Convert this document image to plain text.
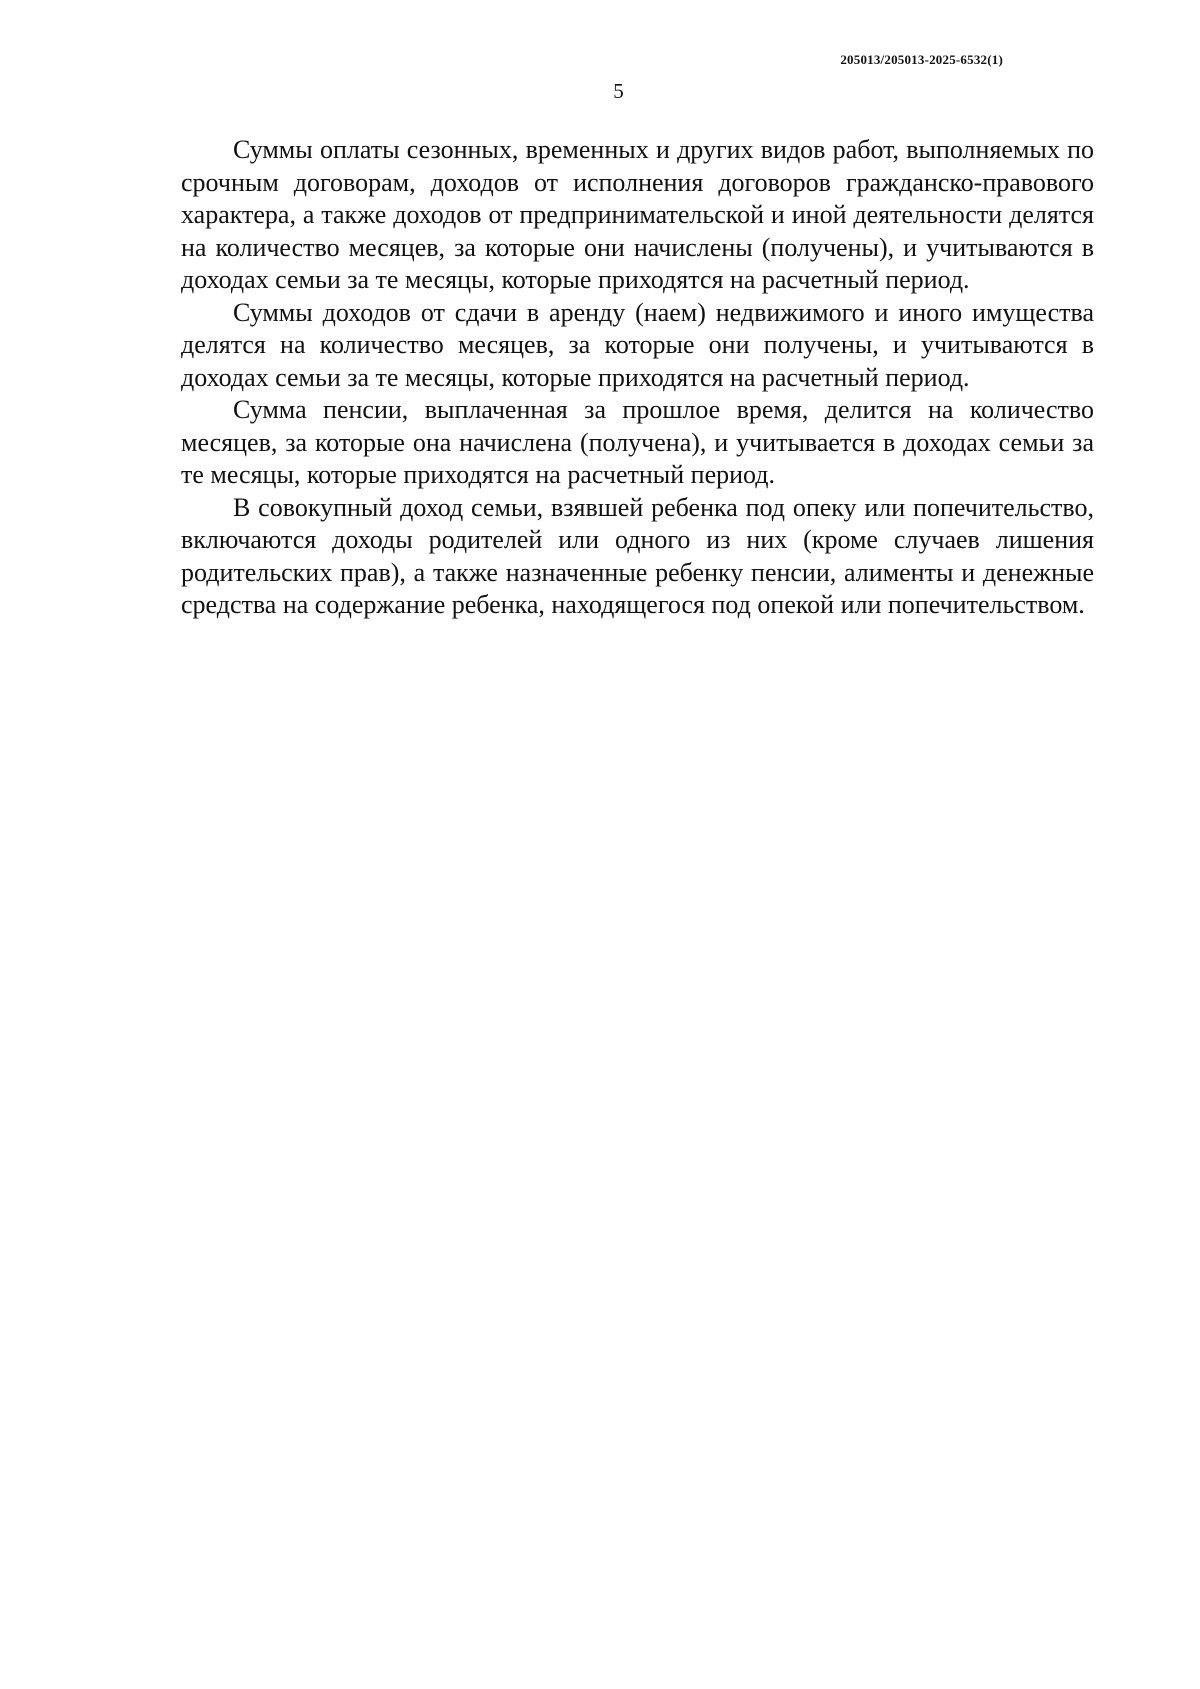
205013/205013-2025-6532(1)
5

Суммы оплаты сезонных, временных и других видов работ, выполняемых по срочным договорам, доходов от исполнения договоров гражданско-правового характера, а также доходов от предпринимательской и иной деятельности делятся на количество месяцев, за которые они начислены (получены), и учитываются в доходах семьи за те месяцы, которые приходятся на расчетный период.

Суммы доходов от сдачи в аренду (наем) недвижимого и иного имущества делятся на количество месяцев, за которые они получены, и учитываются в доходах семьи за те месяцы, которые приходятся на расчетный период.

Сумма пенсии, выплаченная за прошлое время, делится на количество месяцев, за которые она начислена (получена), и учитывается в доходах семьи за те месяцы, которые приходятся на расчетный период.

В совокупный доход семьи, взявшей ребенка под опеку или попечительство, включаются доходы родителей или одного из них (кроме случаев лишения родительских прав), а также назначенные ребенку пенсии, алименты и денежные средства на содержание ребенка, находящегося под опекой или попечительством.
